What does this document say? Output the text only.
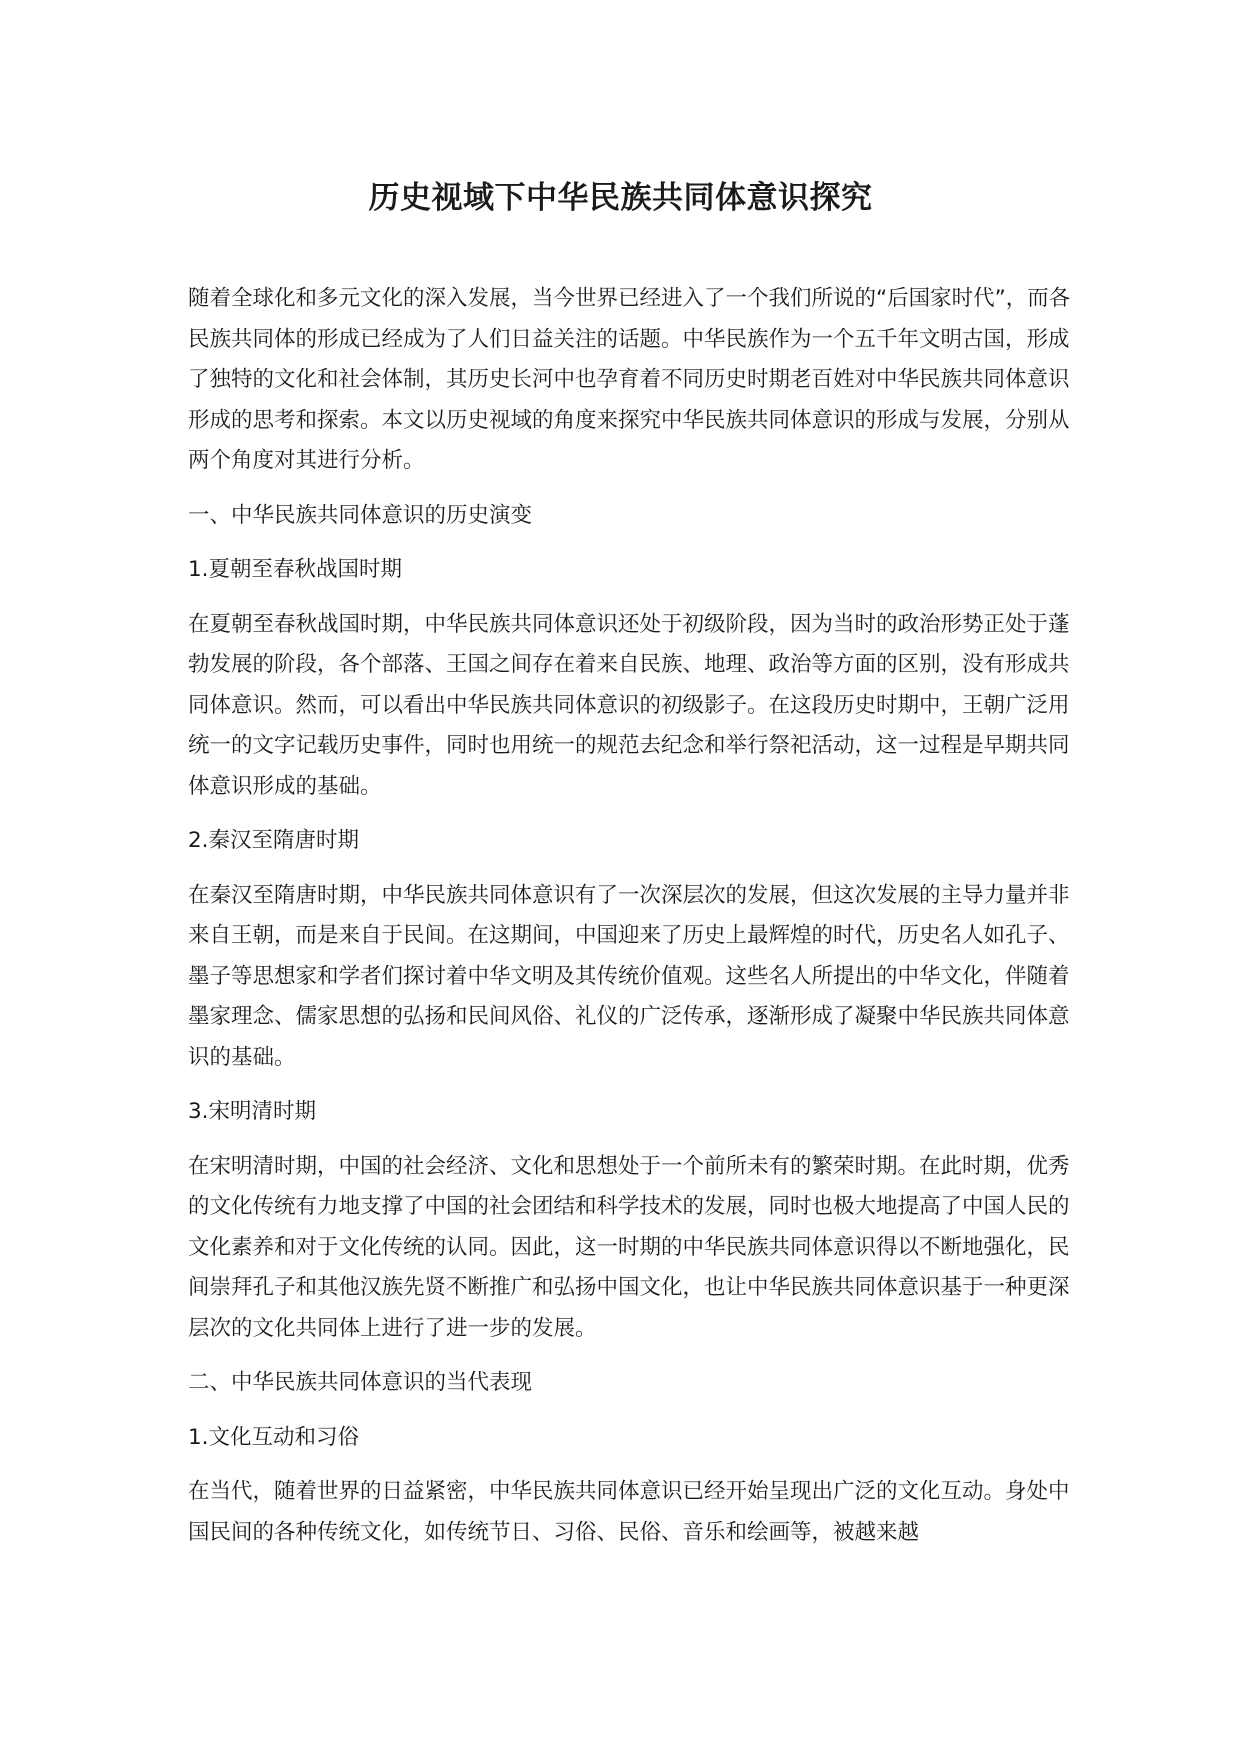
历史视域下中华民族共同体意识探究

随着全球化和多元文化的深入发展，当今世界已经进入了一个我们所说的“后国家时代”，而各民族共同体的形成已经成为了人们日益关注的话题。中华民族作为一个五千年文明古国，形成了独特的文化和社会体制，其历史长河中也孕育着不同历史时期老百姓对中华民族共同体意识形成的思考和探索。本文以历史视域的角度来探究中华民族共同体意识的形成与发展，分别从两个角度对其进行分析。

一、中华民族共同体意识的历史演变

1.夏朝至春秋战国时期

在夏朝至春秋战国时期，中华民族共同体意识还处于初级阶段，因为当时的政治形势正处于蓬勃发展的阶段，各个部落、王国之间存在着来自民族、地理、政治等方面的区别，没有形成共同体意识。然而，可以看出中华民族共同体意识的初级影子。在这段历史时期中，王朝广泛用统一的文字记载历史事件，同时也用统一的规范去纪念和举行祭祀活动，这一过程是早期共同体意识形成的基础。

2.秦汉至隋唐时期

在秦汉至隋唐时期，中华民族共同体意识有了一次深层次的发展，但这次发展的主导力量并非来自王朝，而是来自于民间。在这期间，中国迎来了历史上最辉煌的时代，历史名人如孔子、墨子等思想家和学者们探讨着中华文明及其传统价值观。这些名人所提出的中华文化，伴随着墨家理念、儒家思想的弘扬和民间风俗、礼仪的广泛传承，逐渐形成了凝聚中华民族共同体意识的基础。

3.宋明清时期

在宋明清时期，中国的社会经济、文化和思想处于一个前所未有的繁荣时期。在此时期，优秀的文化传统有力地支撑了中国的社会团结和科学技术的发展，同时也极大地提高了中国人民的文化素养和对于文化传统的认同。因此，这一时期的中华民族共同体意识得以不断地强化，民间崇拜孔子和其他汉族先贤不断推广和弘扬中国文化，也让中华民族共同体意识基于一种更深层次的文化共同体上进行了进一步的发展。

二、中华民族共同体意识的当代表现

1.文化互动和习俗

在当代，随着世界的日益紧密，中华民族共同体意识已经开始呈现出广泛的文化互动。身处中国民间的各种传统文化，如传统节日、习俗、民俗、音乐和绘画等，被越来越
